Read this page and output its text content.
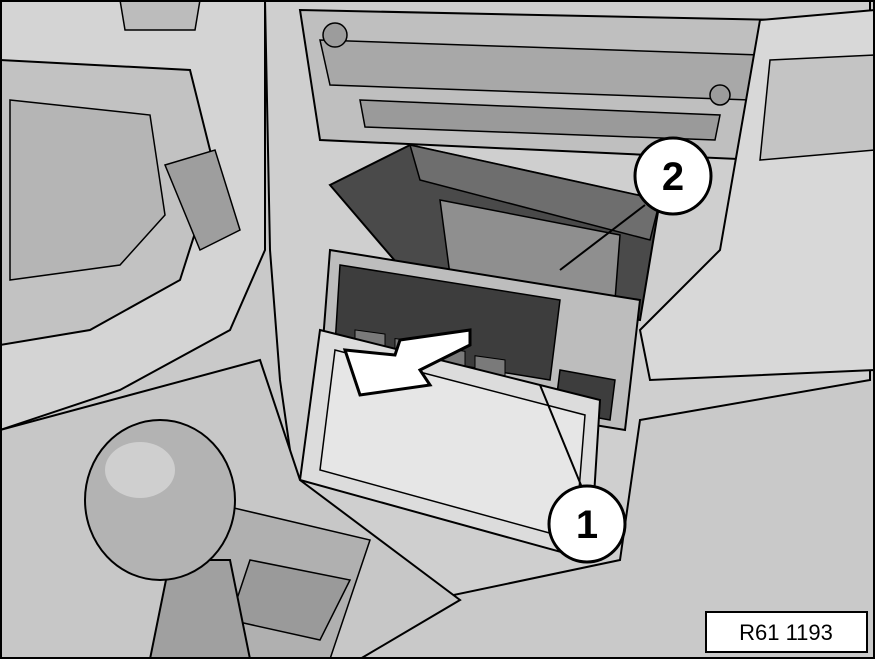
1
2
R61 1193
